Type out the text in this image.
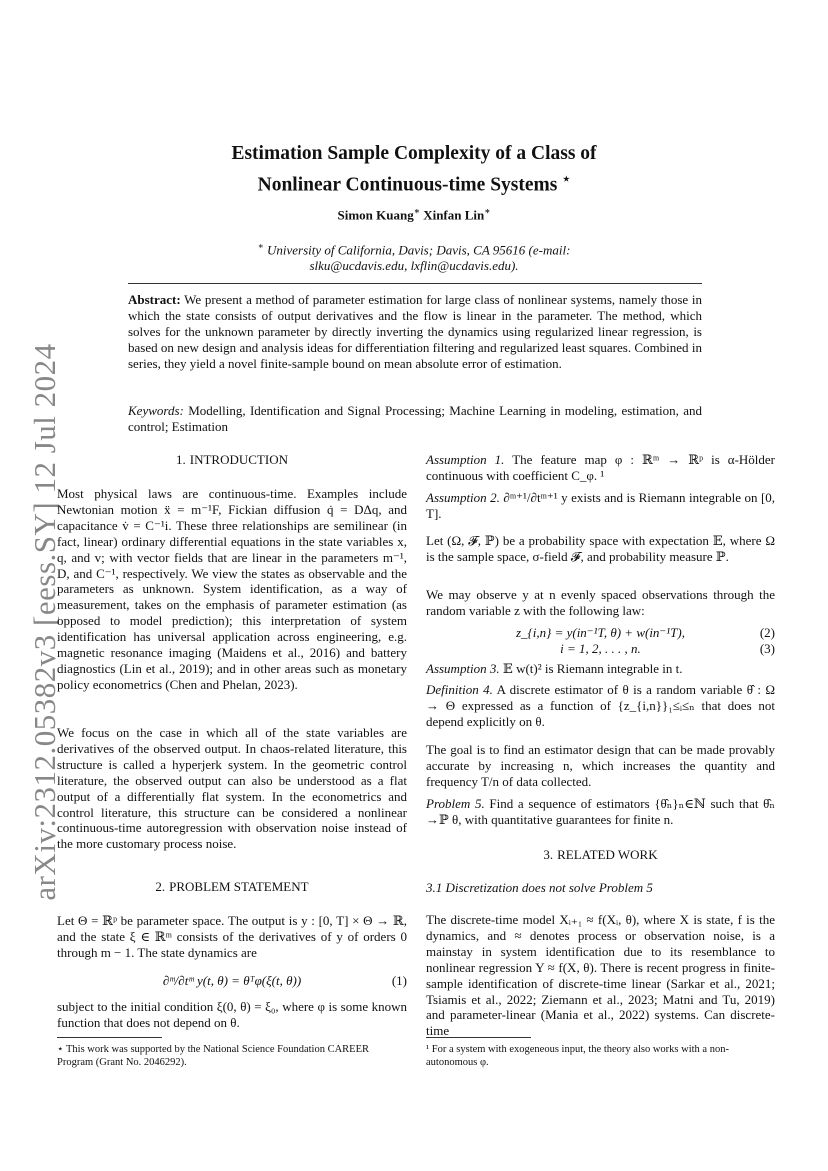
arXiv:2312.05382v3 [eess.SY] 12 Jul 2024
Estimation Sample Complexity of a Class of
Nonlinear Continuous-time Systems ⋆
Simon Kuang∗ Xinfan Lin∗
∗ University of California, Davis; Davis, CA 95616 (e-mail:
slku@ucdavis.edu, lxflin@ucdavis.edu).
Abstract: We present a method of parameter estimation for large class of nonlinear systems, namely those in which the state consists of output derivatives and the flow is linear in the parameter. The method, which solves for the unknown parameter by directly inverting the dynamics using regularized linear regression, is based on new design and analysis ideas for differentiation filtering and regularized least squares. Combined in series, they yield a novel finite-sample bound on mean absolute error of estimation.
Keywords: Modelling, Identification and Signal Processing; Machine Learning in modeling, estimation, and control; Estimation
1. INTRODUCTION

Most physical laws are continuous-time. Examples include Newtonian motion ẍ = m⁻¹F, Fickian diffusion q̇ = DΔq, and capacitance v̇ = C⁻¹i. These three relationships are semilinear (in fact, linear) ordinary differential equations in the state variables x, q, and v; with vector fields that are linear in the parameters m⁻¹, D, and C⁻¹, respectively. We view the states as observable and the parameters as unknown. System identification, as a way of measurement, takes on the emphasis of parameter estimation (as opposed to model prediction); this interpretation of system identification has universal application across engineering, e.g. magnetic resonance imaging (Maidens et al., 2016) and battery diagnostics (Lin et al., 2019); and in other areas such as monetary policy econometrics (Chen and Phelan, 2023).

We focus on the case in which all of the state variables are derivatives of the observed output. In chaos-related literature, this structure is called a hyperjerk system. In the geometric control literature, the observed output can also be understood as a flat output of a differentially flat system. In the econometrics and control literature, this structure can be considered a nonlinear continuous-time autoregression with observation noise instead of the more customary process noise.

2. PROBLEM STATEMENT

Let Θ = ℝᵖ be parameter space. The output is y : [0, T] × Θ → ℝ, and the state ξ ∈ ℝᵐ consists of the derivatives of y of orders 0 through m − 1. The state dynamics are

∂ᵐ/∂tᵐ y(t, θ) = θᵀφ(ξ(t, θ))	(1)

subject to the initial condition ξ(0, θ) = ξ₀, where φ is some known function that does not depend on θ.

⋆ This work was supported by the National Science Foundation CAREER Program (Grant No. 2046292).

Assumption 1. The feature map φ : ℝᵐ → ℝᵖ is α-Hölder continuous with coefficient C_φ. ¹

Assumption 2. ∂ᵐ⁺¹/∂tᵐ⁺¹ y exists and is Riemann integrable on [0, T].

Let (Ω, 𝓕, ℙ) be a probability space with expectation 𝔼, where Ω is the sample space, σ-field 𝓕, and probability measure ℙ.

We may observe y at n evenly spaced observations through the random variable z with the following law:

z_{i,n} = y(in⁻¹T, θ) + w(in⁻¹T),	(2)
i = 1, 2, . . . , n.	(3)

Assumption 3. 𝔼 w(t)² is Riemann integrable in t.

Definition 4. A discrete estimator of θ is a random variable θ̂ : Ω → Θ expressed as a function of {z_{i,n}}₁≤ᵢ≤ₙ that does not depend explicitly on θ.

The goal is to find an estimator design that can be made provably accurate by increasing n, which increases the quantity and frequency T/n of data collected.

Problem 5. Find a sequence of estimators {θ̂ₙ}ₙ∈ℕ such that θ̂ₙ →ℙ θ, with quantitative guarantees for finite n.

3. RELATED WORK
3.1 Discretization does not solve Problem 5

The discrete-time model Xᵢ₊₁ ≈ f(Xᵢ, θ), where X is state, f is the dynamics, and ≈ denotes process or observation noise, is a mainstay in system identification due to its resemblance to nonlinear regression Y ≈ f(X, θ). There is recent progress in finite-sample identification of discrete-time linear (Sarkar et al., 2021; Tsiamis et al., 2022; Ziemann et al., 2023; Matni and Tu, 2019) and parameter-linear (Mania et al., 2022) systems. Can discrete-time

¹ For a system with exogeneous input, the theory also works with a non-autonomous φ.
